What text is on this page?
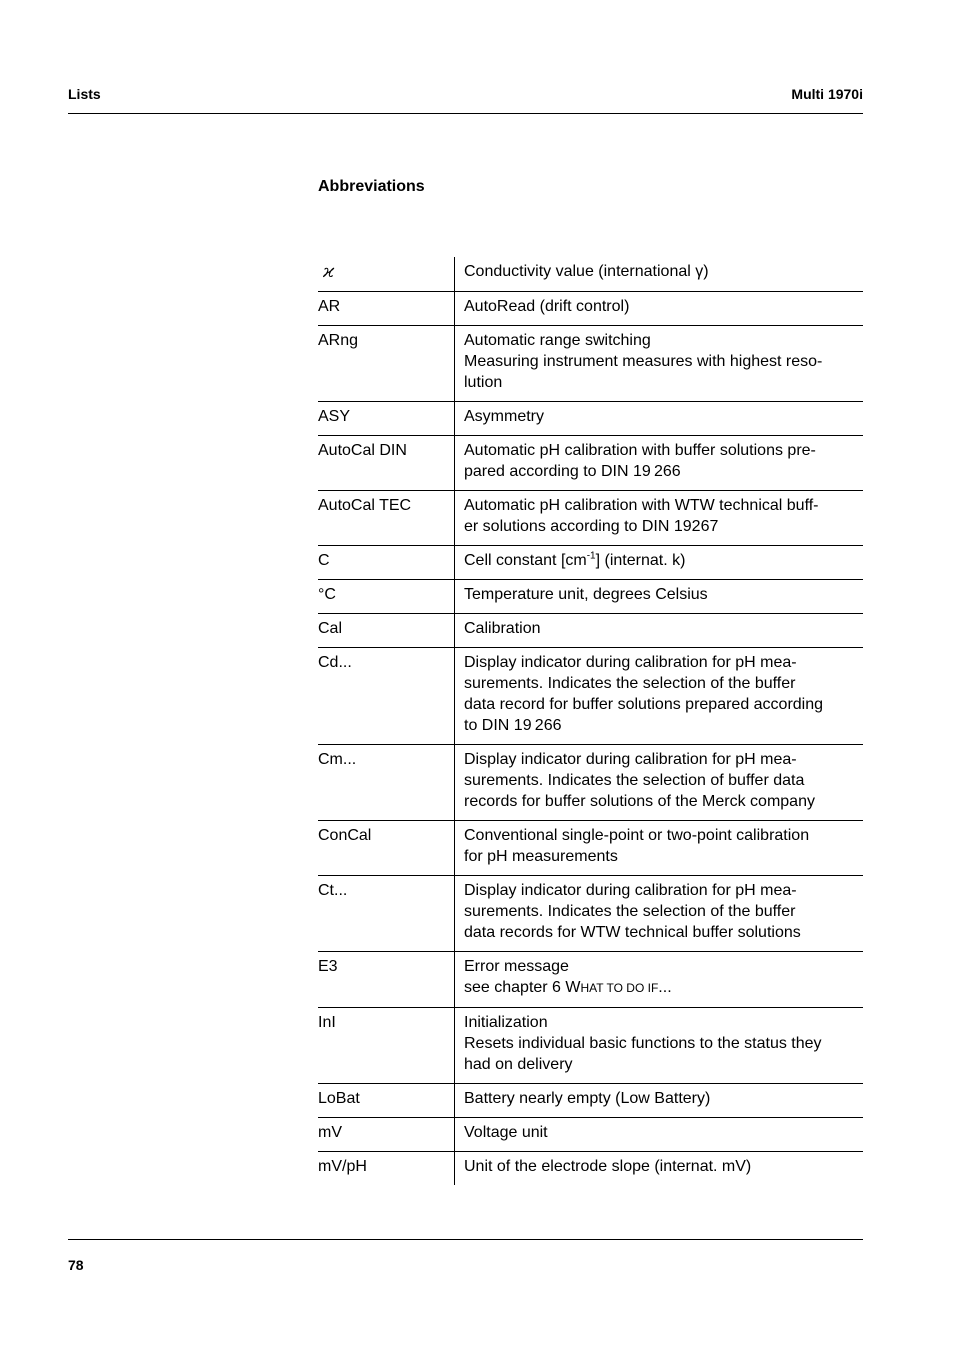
Lists	Multi 1970i
Abbreviations
ϰ	Conductivity value (international γ)

AR	AutoRead (drift control)

ARng	Automatic range switching
Measuring instrument measures with highest reso-
lution

ASY	Asymmetry

AutoCal DIN	Automatic pH calibration with buffer solutions pre-
pared according to DIN 19 266

AutoCal TEC	Automatic pH calibration with WTW technical buff-
er solutions according to DIN 19267

C	Cell constant $[cm^{-1}]$ (internat. k)
°C	Temperature unit, degrees Celsius

Cal	Calibration

Cd...	Display indicator during calibration for pH mea-
surements. Indicates the selection of the buffer
data record for buffer solutions prepared according
to DIN 19 266

Cm...	Display indicator during calibration for pH mea-
surements. Indicates the selection of buffer data
records for buffer solutions of the Merck company

ConCal	Conventional single-point or two-point calibration
for pH measurements

Ct...	Display indicator during calibration for pH mea-
surements. Indicates the selection of the buffer
data records for WTW technical buffer solutions

E3	Error message
see chapter 6 WHAT TO DO IF...

InI	Initialization
Resets individual basic functions to the status they
had on delivery

LoBat	Battery nearly empty (Low Battery)

mV	Voltage unit

mV/pH	Unit of the electrode slope (internat. mV)
78
